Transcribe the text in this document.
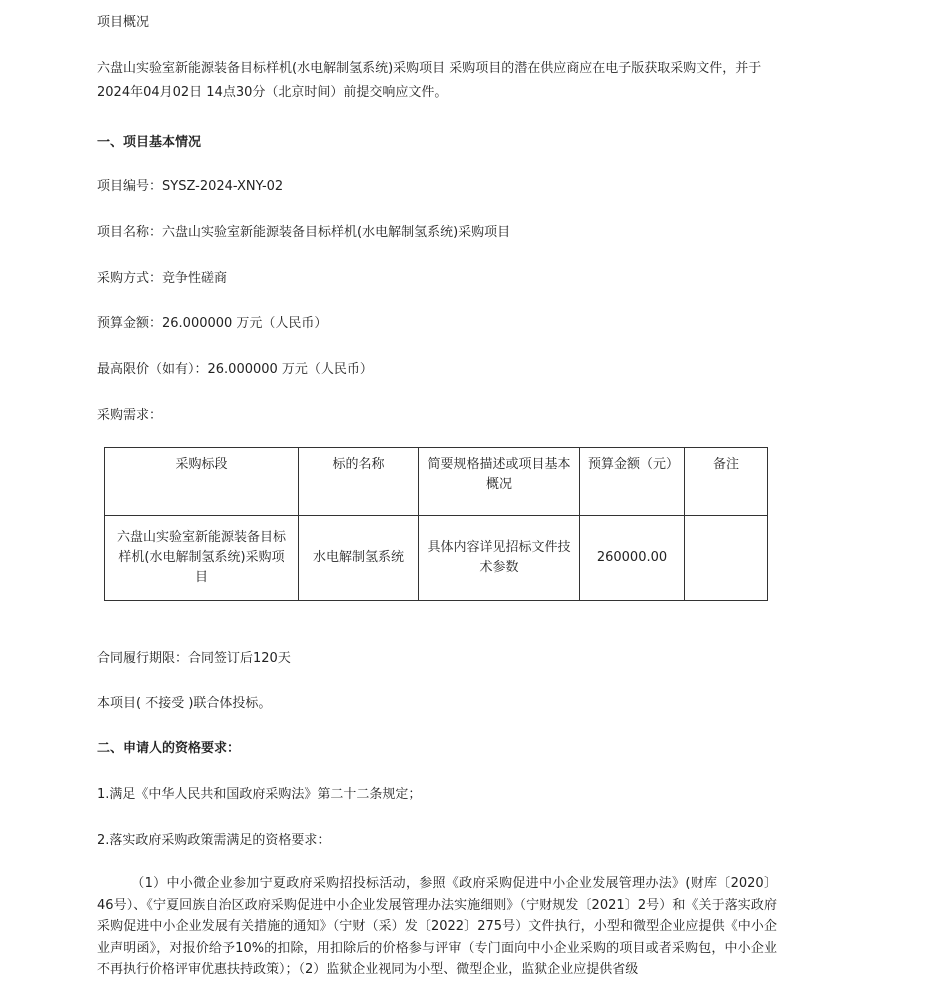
项目概况

六盘山实验室新能源装备目标样机(水电解制氢系统)采购项目 采购项目的潜在供应商应在电子版获取采购文件，并于2024年04月02日 14点30分（北京时间）前提交响应文件。

一、项目基本情况

项目编号：SYSZ-2024-XNY-02

项目名称：六盘山实验室新能源装备目标样机(水电解制氢系统)采购项目

采购方式：竞争性磋商

预算金额：26.000000 万元（人民币）

最高限价（如有）：26.000000 万元（人民币）

采购需求：

采购标段	标的名称	简要规格描述或项目基本概况	预算金额（元）	备注
六盘山实验室新能源装备目标样机(水电解制氢系统)采购项目	水电解制氢系统	具体内容详见招标文件技术参数	260000.00	

合同履行期限：合同签订后120天

本项目( 不接受 )联合体投标。

二、申请人的资格要求：

1.满足《中华人民共和国政府采购法》第二十二条规定；

2.落实政府采购政策需满足的资格要求：

（1）中小微企业参加宁夏政府采购招投标活动，参照《政府采购促进中小企业发展管理办法》(财库〔2020〕46号）、《宁夏回族自治区政府采购促进中小企业发展管理办法实施细则》（宁财规发〔2021〕2号）和《关于落实政府采购促进中小企业发展有关措施的通知》（宁财（采）发〔2022〕275号）文件执行，小型和微型企业应提供《中小企业声明函》，对报价给予10%的扣除，用扣除后的价格参与评审（专门面向中小企业采购的项目或者采购包，中小企业不再执行价格评审优惠扶持政策）；（2）监狱企业视同为小型、微型企业，监狱企业应提供省级
